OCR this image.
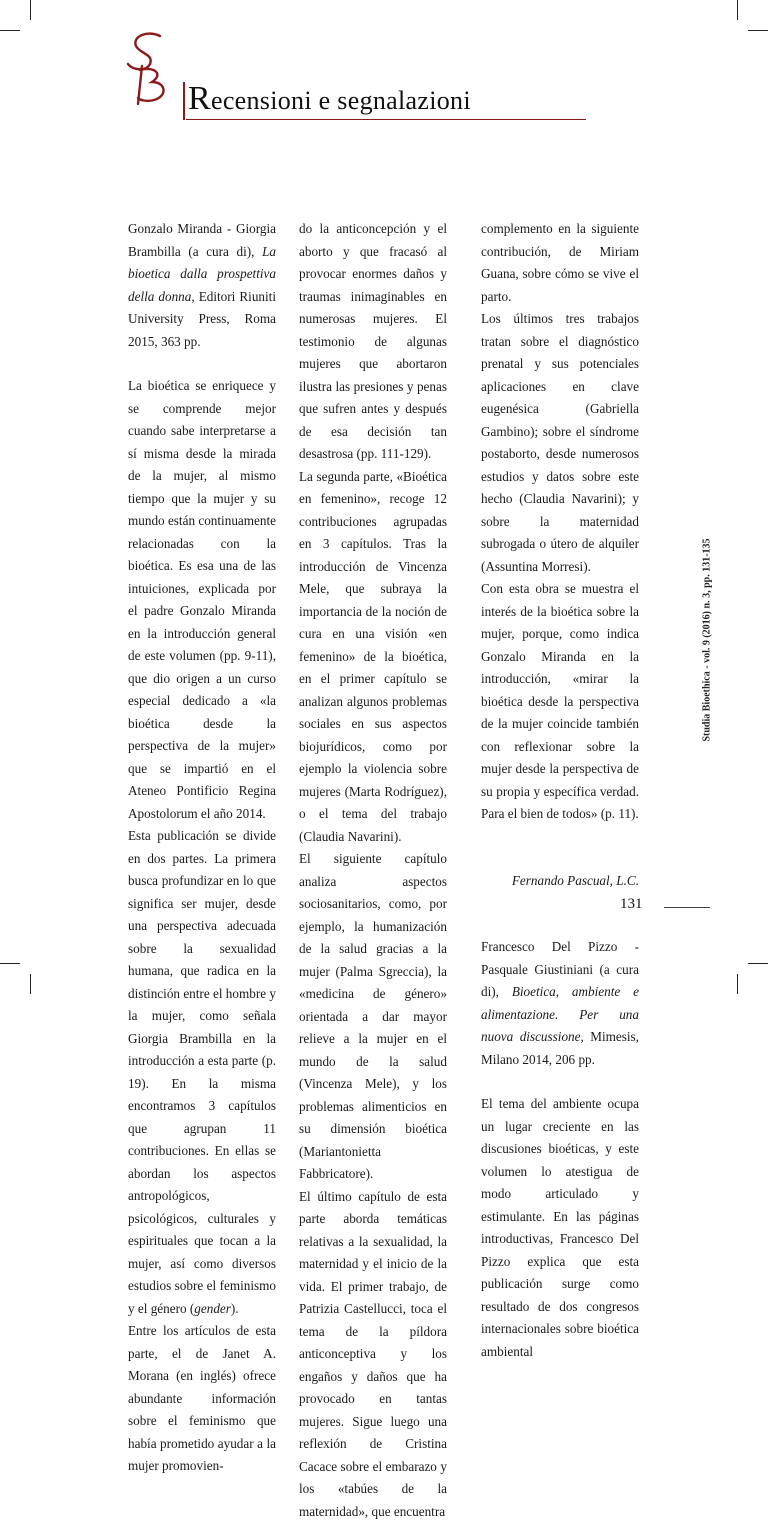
Recensioni e segnalazioni

Gonzalo Miranda - Giorgia Brambilla (a cura di), La bioetica dalla prospettiva della donna, Editori Riuniti University Press, Roma 2015, 363 pp.

La bioética se enriquece y se comprende mejor cuando sabe interpretarse a sí misma desde la mirada de la mujer, al mismo tiempo que la mujer y su mundo están continuamente relacionadas con la bioética. Es esa una de las intuiciones, explicada por el padre Gonzalo Miranda en la introducción general de este volumen (pp. 9-11), que dio origen a un curso especial dedicado a «la bioética desde la perspectiva de la mujer» que se impartió en el Ateneo Pontificio Regina Apostolorum el año 2014.

Esta publicación se divide en dos partes. La primera busca profundizar en lo que significa ser mujer, desde una perspectiva adecuada sobre la sexualidad humana, que radica en la distinción entre el hombre y la mujer, como señala Giorgia Brambilla en la introducción a esta parte (p. 19). En la misma encontramos 3 capítulos que agrupan 11 contribuciones. En ellas se abordan los aspectos antropológicos, psicológicos, culturales y espirituales que tocan a la mujer, así como diversos estudios sobre el feminismo y el género (gender).

Entre los artículos de esta parte, el de Janet A. Morana (en inglés) ofrece abundante información sobre el feminismo que había prometido ayudar a la mujer promovien-

do la anticoncepción y el aborto y que fracasó al provocar enormes daños y traumas inimaginables en numerosas mujeres. El testimonio de algunas mujeres que abortaron ilustra las presiones y penas que sufren antes y después de esa decisión tan desastrosa (pp. 111-129).

La segunda parte, «Bioética en femenino», recoge 12 contribuciones agrupadas en 3 capítulos. Tras la introducción de Vincenza Mele, que subraya la importancia de la noción de cura en una visión «en femenino» de la bioética, en el primer capítulo se analizan algunos problemas sociales en sus aspectos biojurídicos, como por ejemplo la violencia sobre mujeres (Marta Rodríguez), o el tema del trabajo (Claudia Navarini).

El siguiente capítulo analiza aspectos sociosanitarios, como, por ejemplo, la humanización de la salud gracias a la mujer (Palma Sgreccia), la «medicina de género» orientada a dar mayor relieve a la mujer en el mundo de la salud (Vincenza Mele), y los problemas alimenticios en su dimensión bioética (Mariantonietta Fabbricatore).

El último capítulo de esta parte aborda temáticas relativas a la sexualidad, la maternidad y el inicio de la vida. El primer trabajo, de Patrizia Castellucci, toca el tema de la píldora anticonceptiva y los engaños y daños que ha provocado en tantas mujeres. Sigue luego una reflexión de Cristina Cacace sobre el embarazo y los «tabúes de la maternidad», que encuentra

complemento en la siguiente contribución, de Miriam Guana, sobre cómo se vive el parto.

Los últimos tres trabajos tratan sobre el diagnóstico prenatal y sus potenciales aplicaciones en clave eugenésica (Gabriella Gambino); sobre el síndrome postaborto, desde numerosos estudios y datos sobre este hecho (Claudia Navarini); y sobre la maternidad subrogada o útero de alquiler (Assuntina Morresi).

Con esta obra se muestra el interés de la bioética sobre la mujer, porque, como indica Gonzalo Miranda en la introducción, «mirar la bioética desde la perspectiva de la mujer coincide también con reflexionar sobre la mujer desde la perspectiva de su propia y específica verdad. Para el bien de todos» (p. 11).

Fernando Pascual, L.C.

Francesco Del Pizzo - Pasquale Giustiniani (a cura di), Bioetica, ambiente e alimentazione. Per una nuova discussione, Mimesis, Milano 2014, 206 pp.

El tema del ambiente ocupa un lugar creciente en las discusiones bioéticas, y este volumen lo atestigua de modo articulado y estimulante. En las páginas introductivas, Francesco Del Pizzo explica que esta publicación surge como resultado de dos congresos internacionales sobre bioética ambiental

Studia Bioethica - vol. 9 (2016) n. 3, pp. 131-135
131
